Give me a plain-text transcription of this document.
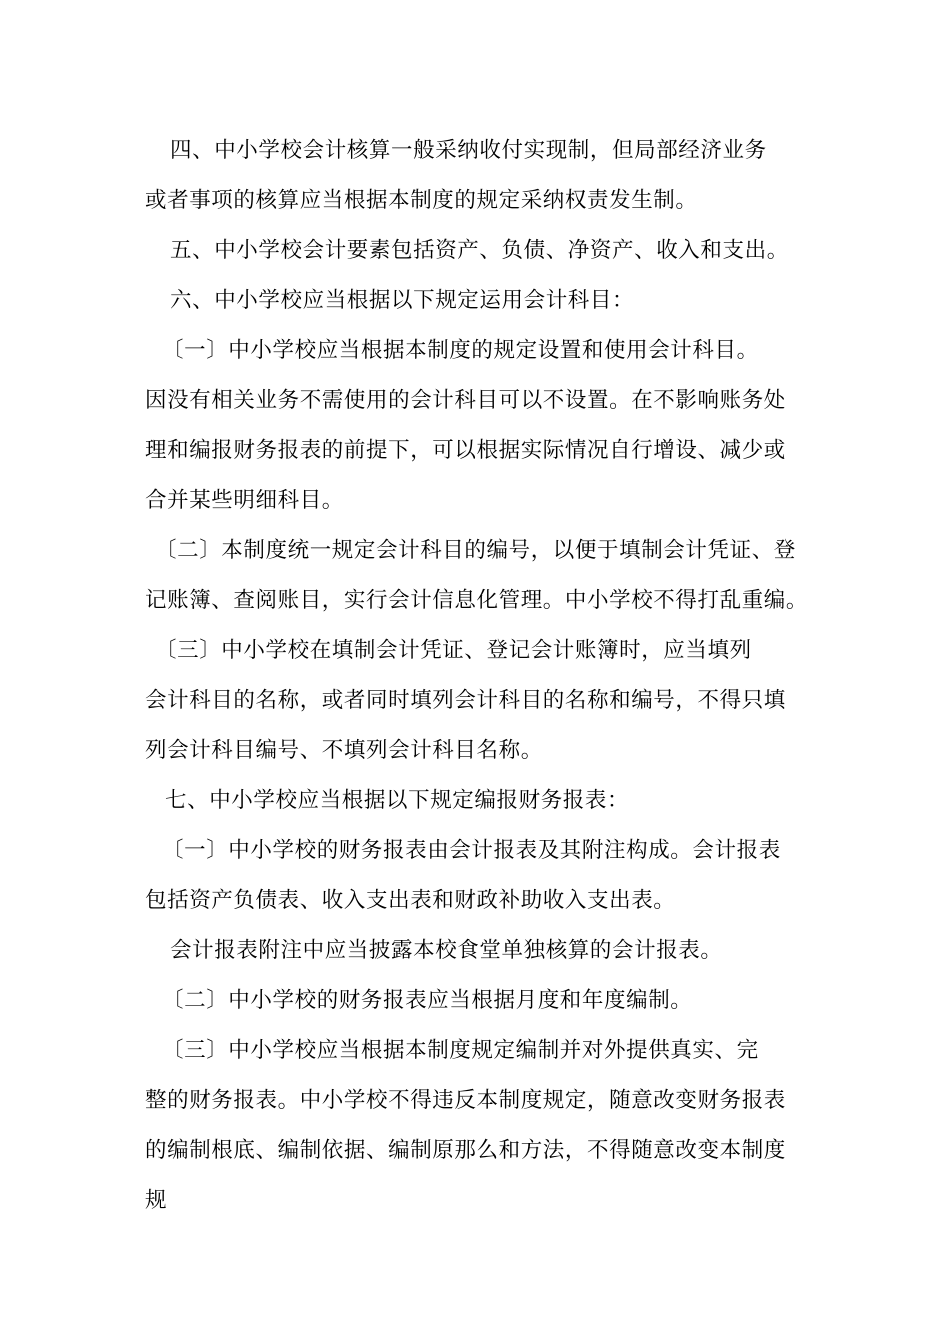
四、中小学校会计核算一般采纳收付实现制，但局部经济业务
或者事项的核算应当根据本制度的规定采纳权责发生制。
五、中小学校会计要素包括资产、负债、净资产、收入和支出。
六、中小学校应当根据以下规定运用会计科目：
〔一〕中小学校应当根据本制度的规定设置和使用会计科目。
因没有相关业务不需使用的会计科目可以不设置。在不影响账务处
理和编报财务报表的前提下，可以根据实际情况自行增设、减少或
合并某些明细科目。
〔二〕本制度统一规定会计科目的编号，以便于填制会计凭证、登
记账簿、查阅账目，实行会计信息化管理。中小学校不得打乱重编。
〔三〕中小学校在填制会计凭证、登记会计账簿时，应当填列
会计科目的名称，或者同时填列会计科目的名称和编号，不得只填
列会计科目编号、不填列会计科目名称。
七、中小学校应当根据以下规定编报财务报表：
〔一〕中小学校的财务报表由会计报表及其附注构成。会计报表
包括资产负债表、收入支出表和财政补助收入支出表。
会计报表附注中应当披露本校食堂单独核算的会计报表。
〔二〕中小学校的财务报表应当根据月度和年度编制。
〔三〕中小学校应当根据本制度规定编制并对外提供真实、完
整的财务报表。中小学校不得违反本制度规定，随意改变财务报表
的编制根底、编制依据、编制原那么和方法，不得随意改变本制度
规
